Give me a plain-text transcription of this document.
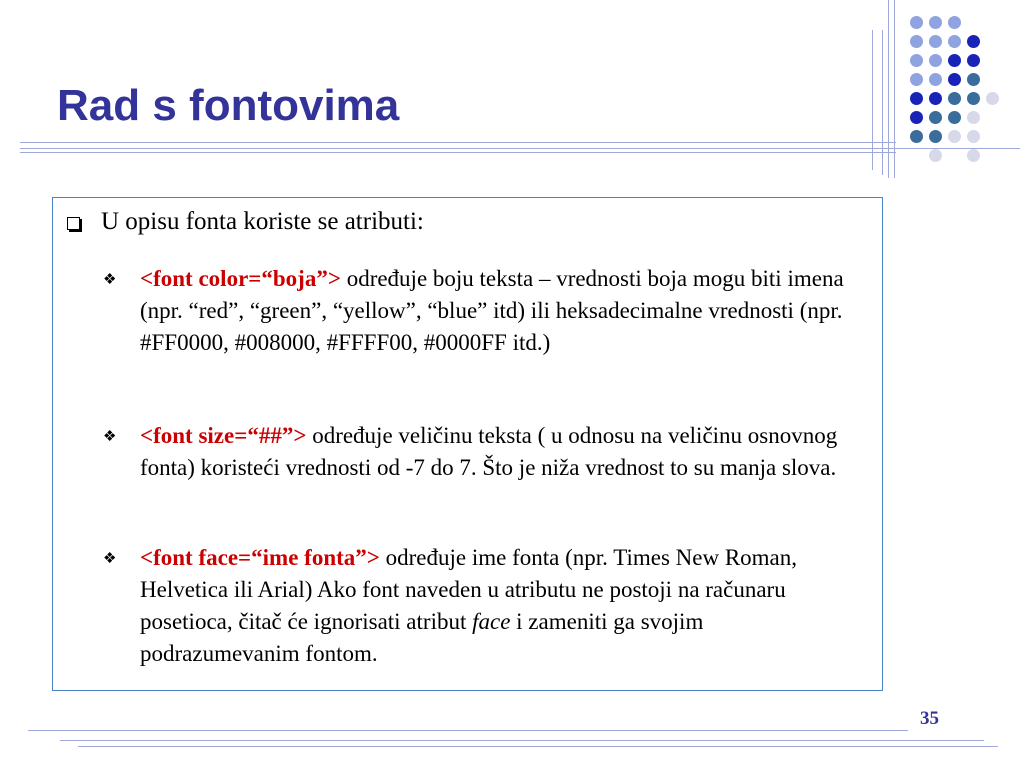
Rad s fontovima
U opisu fonta koriste se atributi:
❖ <font color=“boja”> određuje boju teksta – vrednosti boja mogu biti imena (npr. “red”, “green”, “yellow”, “blue” itd) ili heksadecimalne vrednosti (npr. #FF0000, #008000, #FFFF00, #0000FF itd.)
❖ <font size=“##”> određuje veličinu teksta ( u odnosu na veličinu osnovnog fonta) koristeći vrednosti od -7 do 7. Što je niža vrednost to su manja slova.
❖ <font face=“ime fonta”> određuje ime fonta (npr. Times New Roman, Helvetica ili Arial) Ako font naveden u atributu ne postoji na računaru posetioca, čitač će ignorisati atribut face i zameniti ga svojim podrazumevanim fontom.
35
